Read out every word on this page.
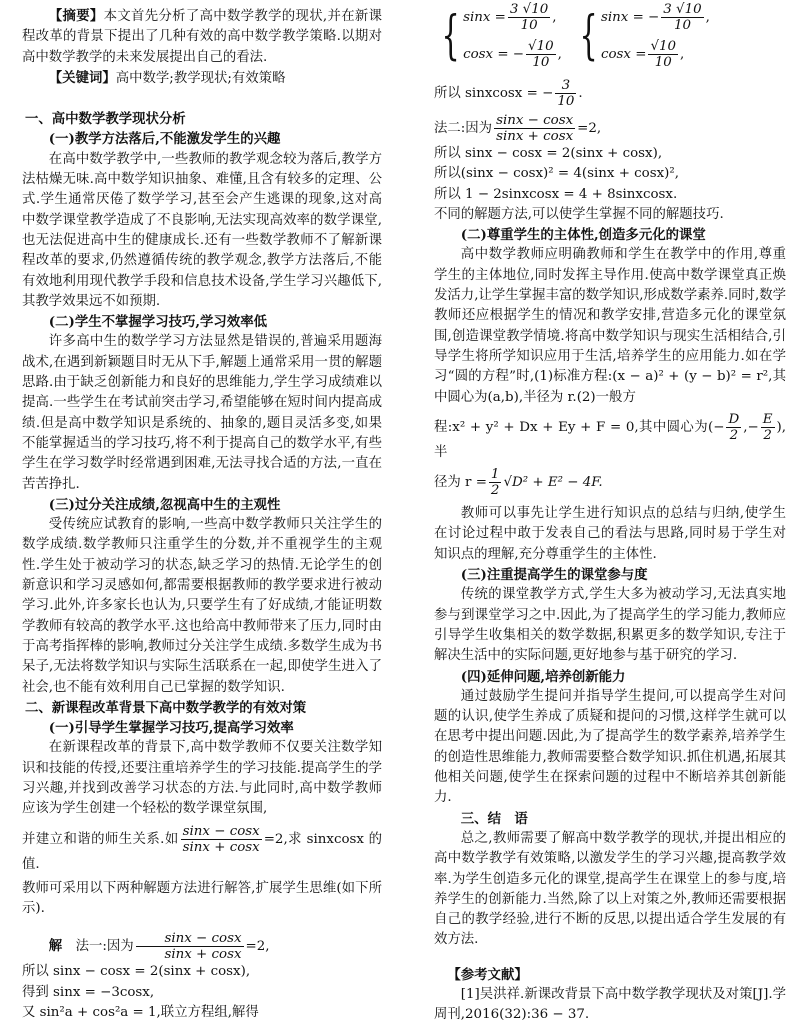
【摘要】本文首先分析了高中数学教学的现状,并在新课程改革的背景下提出了几种有效的高中数学教学策略.以期对高中数学教学的未来发展提出自己的看法.

【关键词】高中数学;教学现状;有效策略

一、高中数学教学现状分析

(一)教学方法落后,不能激发学生的兴趣

在高中数学教学中,一些教师的教学观念较为落后,教学方法枯燥无味.高中数学知识抽象、难懂,且含有较多的定理、公式.学生通常厌倦了数学学习,甚至会产生逃课的现象,这对高中数学课堂教学造成了不良影响,无法实现高效率的数学课堂,也无法促进高中生的健康成长.还有一些数学教师不了解新课程改革的要求,仍然遵循传统的教学观念,教学方法落后,不能有效地利用现代教学手段和信息技术设备,学生学习兴趣低下,其教学效果远不如预期.

(二)学生不掌握学习技巧,学习效率低

许多高中生的数学学习方法显然是错误的,普遍采用题海战术,在遇到新颖题目时无从下手,解题上通常采用一贯的解题思路.由于缺乏创新能力和良好的思维能力,学生学习成绩难以提高.一些学生在考试前突击学习,希望能够在短时间内提高成绩.但是高中数学知识是系统的、抽象的,题目灵活多变,如果不能掌握适当的学习技巧,将不利于提高自己的数学水平,有些学生在学习数学时经常遇到困难,无法寻找合适的方法,一直在苦苦挣扎.

(三)过分关注成绩,忽视高中生的主观性

受传统应试教育的影响,一些高中数学教师只关注学生的数学成绩.数学教师只注重学生的分数,并不重视学生的主观性.学生处于被动学习的状态,缺乏学习的热情.无论学生的创新意识和学习灵感如何,都需要根据教师的教学要求进行被动学习.此外,许多家长也认为,只要学生有了好成绩,才能证明数学教师有较高的教学水平.这也给高中教师带来了压力,同时由于高考指挥棒的影响,教师过分关注学生成绩.多数学生成为书呆子,无法将数学知识与实际生活联系在一起,即使学生进入了社会,也不能有效利用自己已掌握的数学知识.

二、新课程改革背景下高中数学教学的有效对策

(一)引导学生掌握学习技巧,提高学习效率

在新课程改革的背景下,高中数学教师不仅要关注数学知识和技能的传授,还要注重培养学生的学习技能.提高学生的学习兴趣,并找到改善学习状态的方法.与此同时,高中数学教师应该为学生创建一个轻松的数学课堂氛围,

并建立和谐的师生关系.如 $\frac{\sin x - \cos x}{\sin x + \cos x} =2$,求 sinxcosx 的值.

教师可采用以下两种解题方法进行解答,扩展学生思维(如下所示).

解　 法一:因为 $\frac{\sin x - \cos x}{\sin x + \cos x} =2$,

所以 sinx − cosx = 2(sinx + cosx),

得到 sinx = −3cosx,

又 sin²a + cos²a = 1,联立方程组,解得

{ $\sin x = \frac{3 √10}{10}$ ,
cosx = − $\frac{√10}{10}$ , { sinx = − $\frac{3 √10}{10}$ ,
$\cos x = \frac{√10}{10}$ ,

所以 sinxcosx = − $\frac{3}{10}$ .

法二:因为 $\frac{\sin x - \cos x}{\sin x + \cos x} =2$,

所以 sinx − cosx = 2(sinx + cosx),

所以(sinx − cosx)² = 4(sinx + cosx)²,

所以 1 − 2sinxcosx = 4 + 8sinxcosx.

不同的解题方法,可以使学生掌握不同的解题技巧.

(二)尊重学生的主体性,创造多元化的课堂

高中数学教师应明确教师和学生在教学中的作用,尊重学生的主体地位,同时发挥主导作用.使高中数学课堂真正焕发活力,让学生掌握丰富的数学知识,形成数学素养.同时,数学教师还应根据学生的情况和教学安排,营造多元化的课堂氛围,创造课堂教学情境.将高中数学知识与现实生活相结合,引导学生将所学知识应用于生活,培养学生的应用能力.如在学习“圆的方程”时,(1)标准方程:(x − a)² + (y − b)² = r²,其中圆心为(a,b),半径为 r.(2)一般方

程:x² + y² + Dx + Ey + F = 0,其中圆心为(− $\frac{D}{2}$ ,− $\frac{E}{2}$ ),半

径为 $r = \frac{1}{2} √D^2 + E^2 - 4F$.

教师可以事先让学生进行知识点的总结与归纳,使学生在讨论过程中敢于发表自己的看法与思路,同时易于学生对知识点的理解,充分尊重学生的主体性.

(三)注重提高学生的课堂参与度

传统的课堂教学方式,学生大多为被动学习,无法真实地参与到课堂学习之中.因此,为了提高学生的学习能力,教师应引导学生收集相关的数学数据,积累更多的数学知识,专注于解决生活中的实际问题,更好地参与基于研究的学习.

(四)延伸问题,培养创新能力

通过鼓励学生提问并指导学生提问,可以提高学生对问题的认识,使学生养成了质疑和提问的习惯,这样学生就可以在思考中提出问题.因此,为了提高学生的数学素养,培养学生的创造性思维能力,教师需要整合数学知识.抓住机遇,拓展其他相关问题,使学生在探索问题的过程中不断培养其创新能力.

三、结　语

总之,教师需要了解高中数学教学的现状,并提出相应的高中数学教学有效策略,以激发学生的学习兴趣,提高教学效率.为学生创造多元化的课堂,提高学生在课堂上的参与度,培养学生的创新能力.当然,除了以上对策之外,教师还需要根据自己的教学经验,进行不断的反思,以提出适合学生发展的有效方法.

【参考文献】

[1]吴洪祥.新课改背景下高中数学教学现状及对策[J].学周刊,2016(32):36 − 37.
